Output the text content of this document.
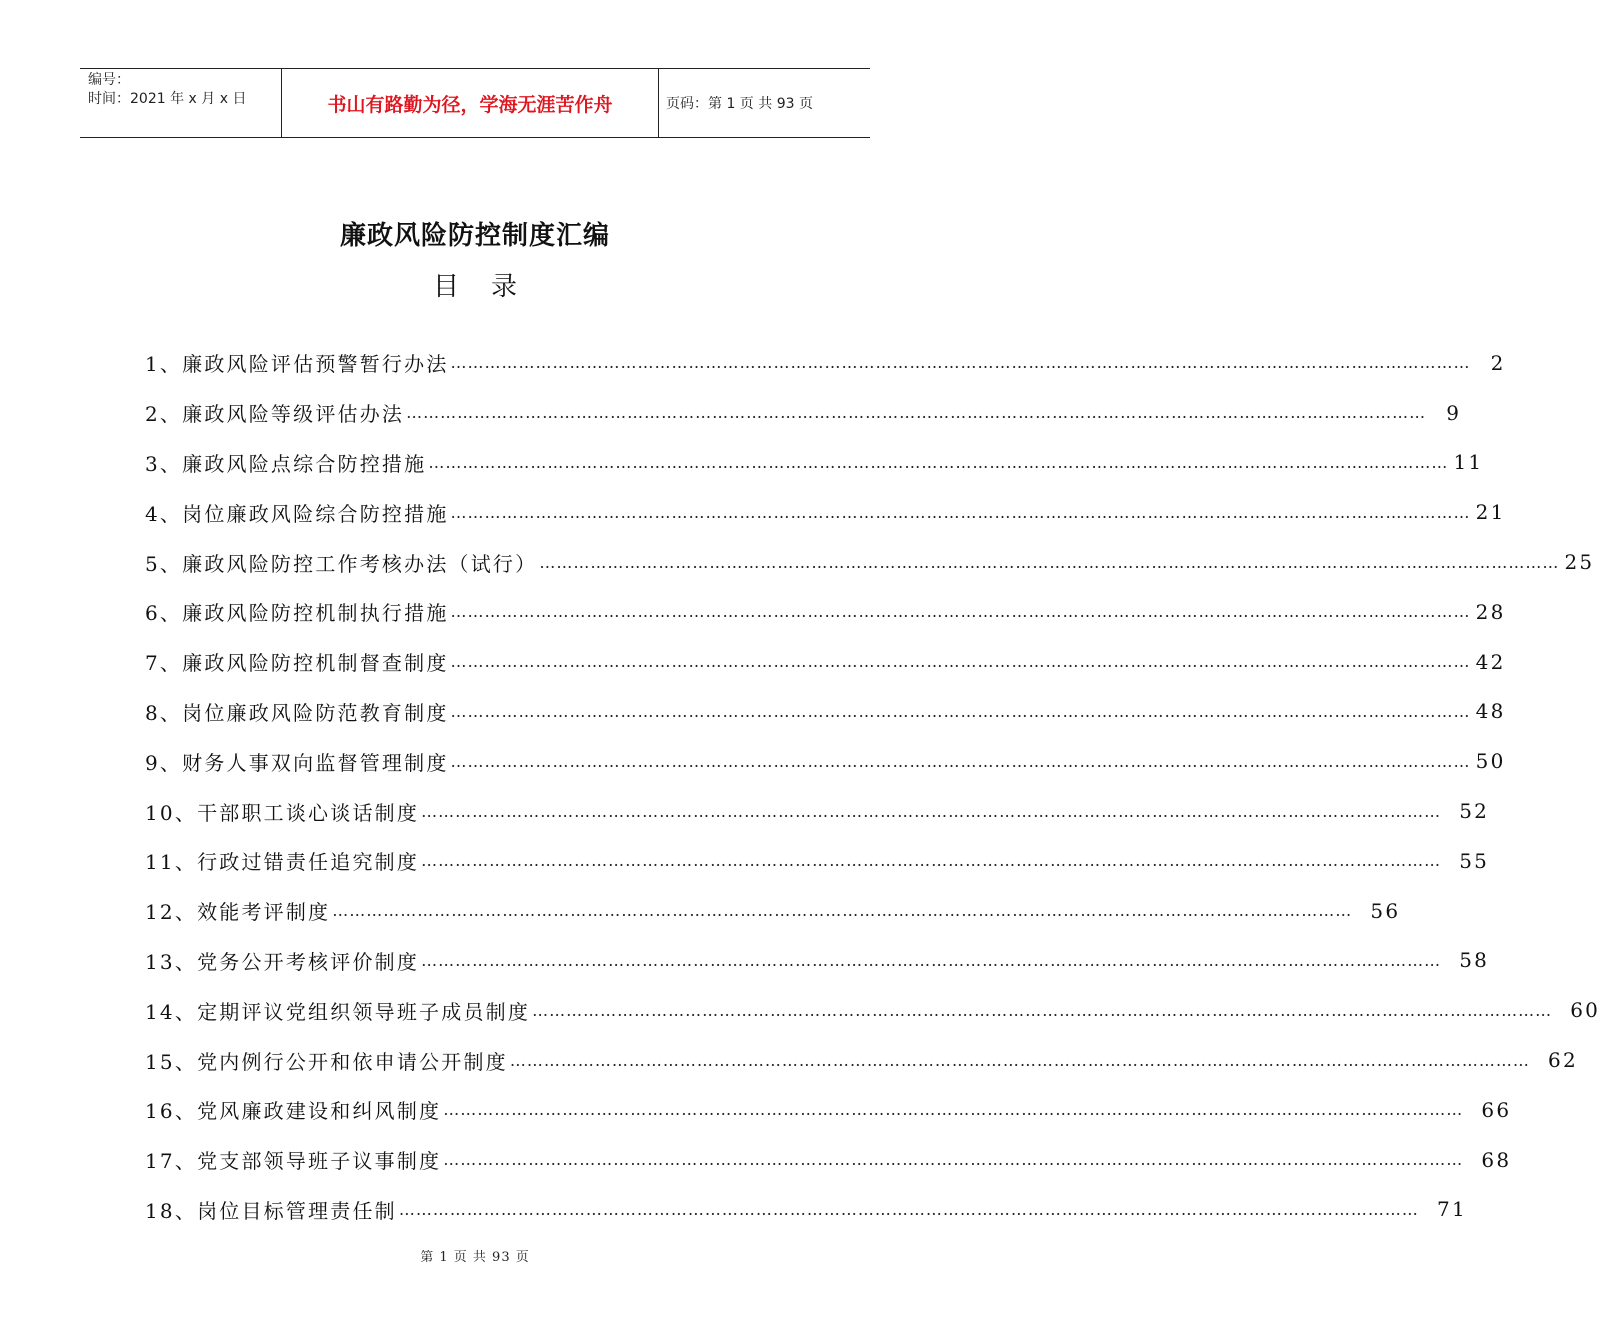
编号：
时间：2021 年 x 月 x 日	书山有路勤为径，学海无涯苦作舟	页码：第 1 页 共 93 页
廉政风险防控制度汇编
目录
1、 廉政风险评估预警暂行办法 ………………………………………………………………………………………………………………………………………………………………	2
2、 廉政风险等级评估办法 ………………………………………………………………………………………………………………………………………………………………	9
3、 廉政风险点综合防控措施 ……………………………………………………………………………………………………………………………………………………………… 11
4、 岗位廉政风险综合防控措施 ……………………………………………………………………………………………………………………………………………………………… 21
5、 廉政风险防控工作考核办法（试行） ……………………………………………………………………………………………………………………………………………………………… 25
6、 廉政风险防控机制执行措施 ……………………………………………………………………………………………………………………………………………………………… 28
7、 廉政风险防控机制督查制度 ……………………………………………………………………………………………………………………………………………………………… 42
8、 岗位廉政风险防范教育制度 ……………………………………………………………………………………………………………………………………………………………… 48
9、 财务人事双向监督管理制度 ……………………………………………………………………………………………………………………………………………………………… 50
10、 干部职工谈心谈话制度 ……………………………………………………………………………………………………………………………………………………………… 52
11、 行政过错责任追究制度 ……………………………………………………………………………………………………………………………………………………………… 55
12、 效能考评制度 ……………………………………………………………………………………………………………………………………………………………… 56
13、 党务公开考核评价制度 ……………………………………………………………………………………………………………………………………………………………… 58
14、 定期评议党组织领导班子成员制度 ……………………………………………………………………………………………………………………………………………………………… 60
15、 党内例行公开和依申请公开制度 ……………………………………………………………………………………………………………………………………………………………… 62
16、 党风廉政建设和纠风制度 ……………………………………………………………………………………………………………………………………………………………… 66
17、 党支部领导班子议事制度 ……………………………………………………………………………………………………………………………………………………………… 68
18、 岗位目标管理责任制 ……………………………………………………………………………………………………………………………………………………………… 71
第 1 页 共 93 页
